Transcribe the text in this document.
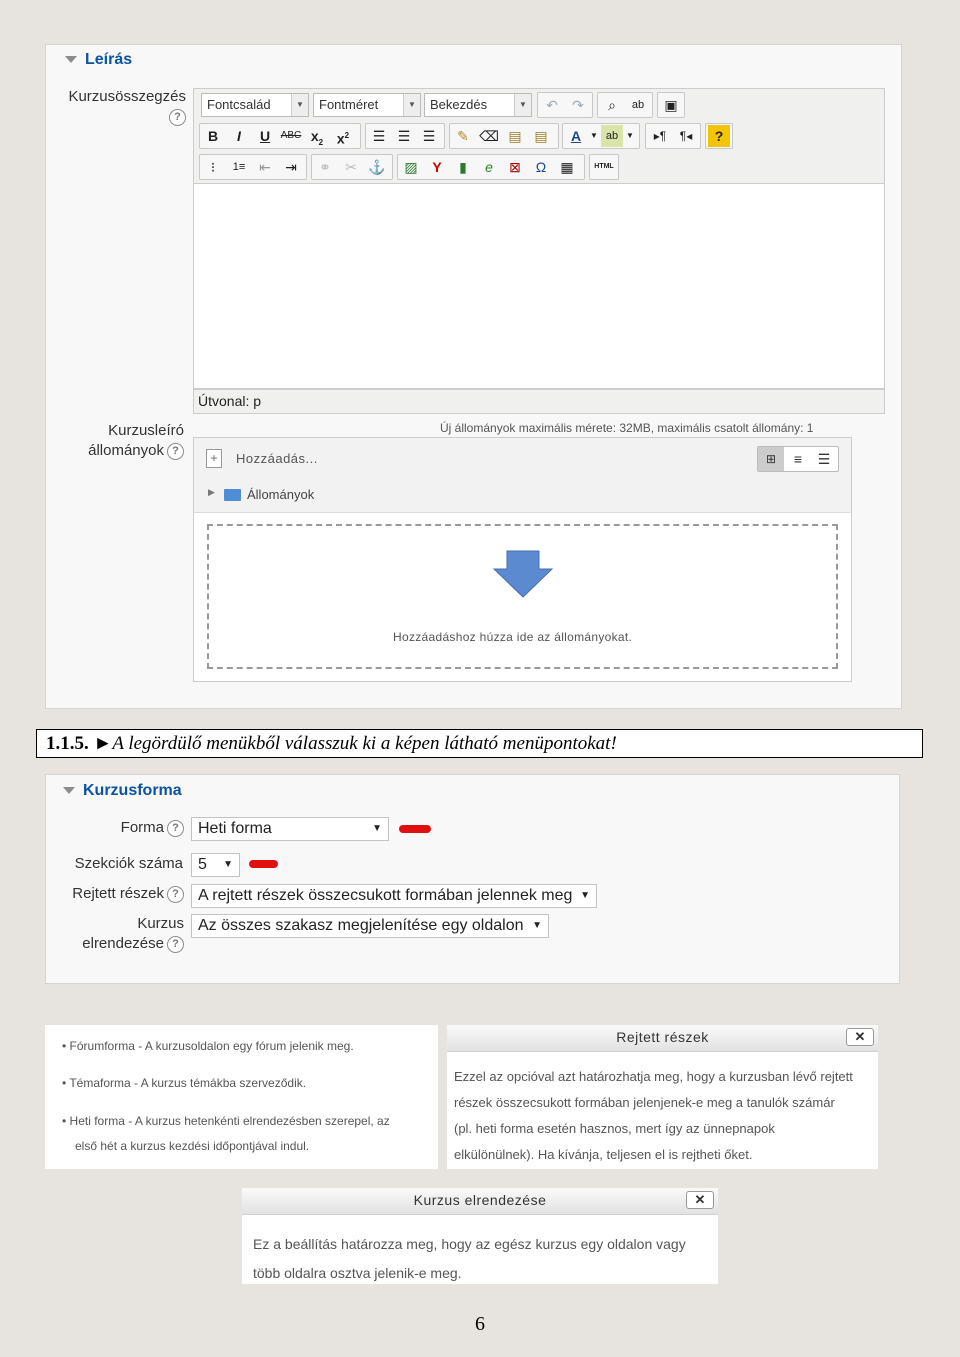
Leírás
Kurzusösszegzés
?
Fontcsalád	▼	Fontméret	▼	Bekezdés	▼	↶	↷	⌕	ab	▣
B	I	U	ABC $x_2$ $x^2$	☰ ☰ ☰	✎ ⌫ ▤ ▤	A	▼ ab ▼	▸¶	¶◂	?
⁝	1≡ ⇤	⇥	⚭	✂ ⚓	▨	Y	▮	e	⊠	Ω	▦	HTML
Útvonal: p
Kurzusleíró
állományok ?
Új állományok maximális mérete: 32MB, maximális csatolt állomány: 1
+	Hozzáadás...	⊞	≡	☰
▶ Állományok
Hozzáadáshoz húzza ide az állományokat.
1.1.5. ►A legördülő menükből válasszuk ki a képen látható menüpontokat!
Kurzusforma
Forma ?	Heti forma	▼
Szekciók száma 5 ▼
Rejtett részek ?	A rejtett részek összecsukott formában jelennek meg ▼
Kurzus
elrendezése ?
Az összes szakasz megjelenítése egy oldalon ▼
• Fórumforma - A kurzusoldalon egy fórum jelenik meg.
• Témaforma - A kurzus témákba szerveződik.
• Heti forma - A kurzus hetenkénti elrendezésben szerepel, az
első hét a kurzus kezdési időpontjával indul.
Rejtett részek	✕
Ezzel az opcióval azt határozhatja meg, hogy a kurzusban lévő rejtett
részek összecsukott formában jelenjenek-e meg a tanulók számár
(pl. heti forma esetén hasznos, mert így az ünnepnapok
elkülönülnek). Ha kívánja, teljesen el is rejtheti őket.
Kurzus elrendezése	✕
Ez a beállítás határozza meg, hogy az egész kurzus egy oldalon vagy
több oldalra osztva jelenik-e meg.
6
